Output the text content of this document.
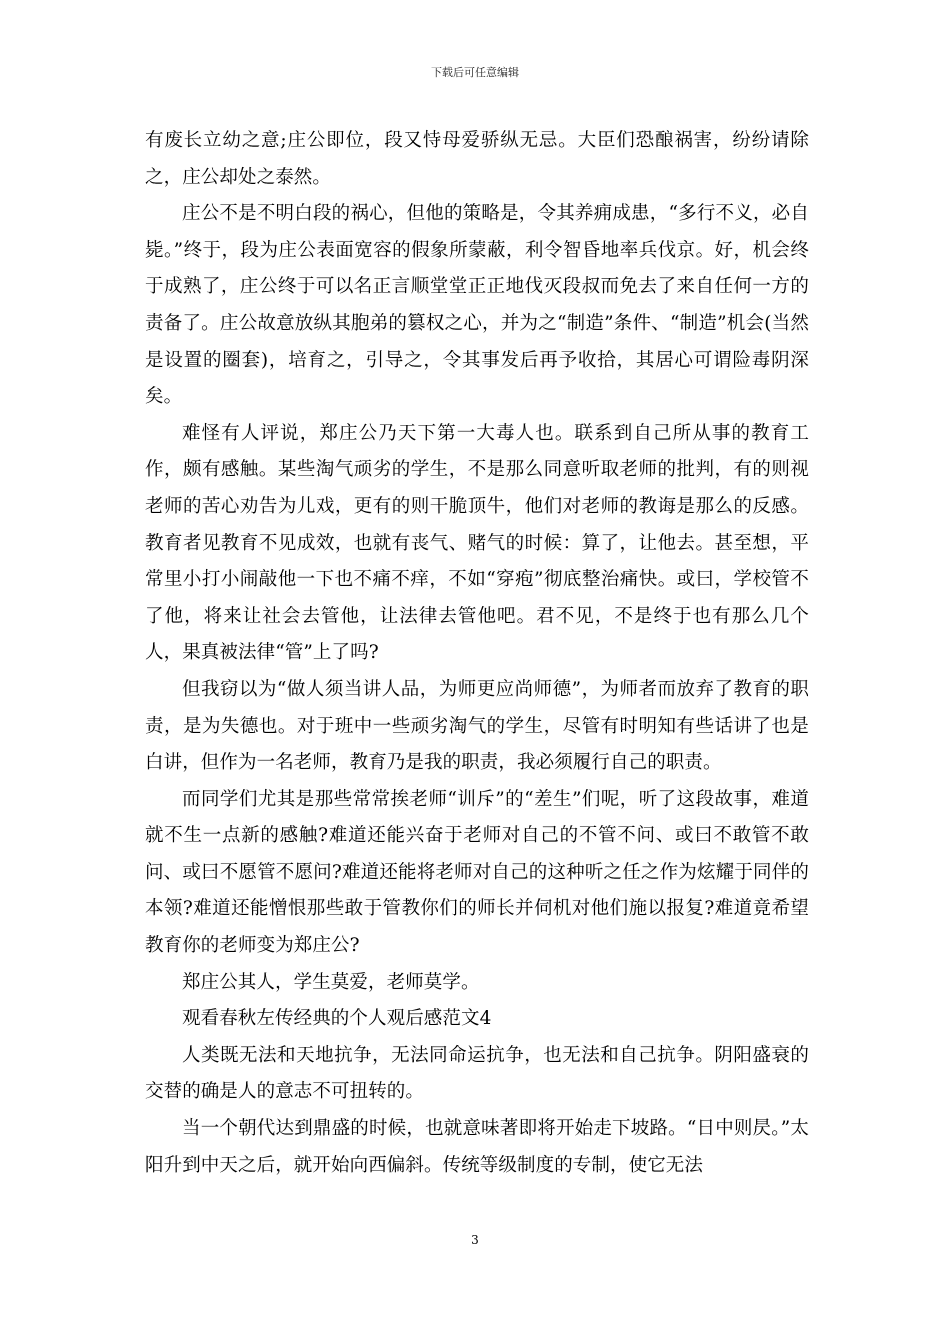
下载后可任意编辑

有废长立幼之意;庄公即位，段又恃母爱骄纵无忌。大臣们恐酿祸害，纷纷请除之，庄公却处之泰然。

庄公不是不明白段的祸心，但他的策略是，令其养痈成患，“多行不义，必自毙。”终于，段为庄公表面宽容的假象所蒙蔽，利令智昏地率兵伐京。好，机会终于成熟了，庄公终于可以名正言顺堂堂正正地伐灭段叔而免去了来自任何一方的责备了。庄公故意放纵其胞弟的篡权之心，并为之“制造”条件、“制造”机会(当然是设置的圈套)，培育之，引导之，令其事发后再予收拾，其居心可谓险毒阴深矣。

难怪有人评说，郑庄公乃天下第一大毒人也。联系到自己所从事的教育工作，颇有感触。某些淘气顽劣的学生，不是那么同意听取老师的批判，有的则视老师的苦心劝告为儿戏，更有的则干脆顶牛，他们对老师的教诲是那么的反感。教育者见教育不见成效，也就有丧气、赌气的时候：算了，让他去。甚至想，平常里小打小闹敲他一下也不痛不痒，不如“穿疱”彻底整治痛快。或曰，学校管不了他，将来让社会去管他，让法律去管他吧。君不见，不是终于也有那么几个人，果真被法律“管”上了吗?

但我窃以为“做人须当讲人品，为师更应尚师德”，为师者而放弃了教育的职责，是为失德也。对于班中一些顽劣淘气的学生，尽管有时明知有些话讲了也是白讲，但作为一名老师，教育乃是我的职责，我必须履行自己的职责。

而同学们尤其是那些常常挨老师“训斥”的“差生”们呢，听了这段故事，难道就不生一点新的感触?难道还能兴奋于老师对自己的不管不问、或曰不敢管不敢问、或曰不愿管不愿问?难道还能将老师对自己的这种听之任之作为炫耀于同伴的本领?难道还能憎恨那些敢于管教你们的师长并伺机对他们施以报复?难道竟希望教育你的老师变为郑庄公?

郑庄公其人，学生莫爱，老师莫学。

观看春秋左传经典的个人观后感范文4

人类既无法和天地抗争，无法同命运抗争，也无法和自己抗争。阴阳盛衰的交替的确是人的意志不可扭转的。

当一个朝代达到鼎盛的时候，也就意味著即将开始走下坡路。“日中则昃。”太阳升到中天之后，就开始向西偏斜。传统等级制度的专制，使它无法

3
